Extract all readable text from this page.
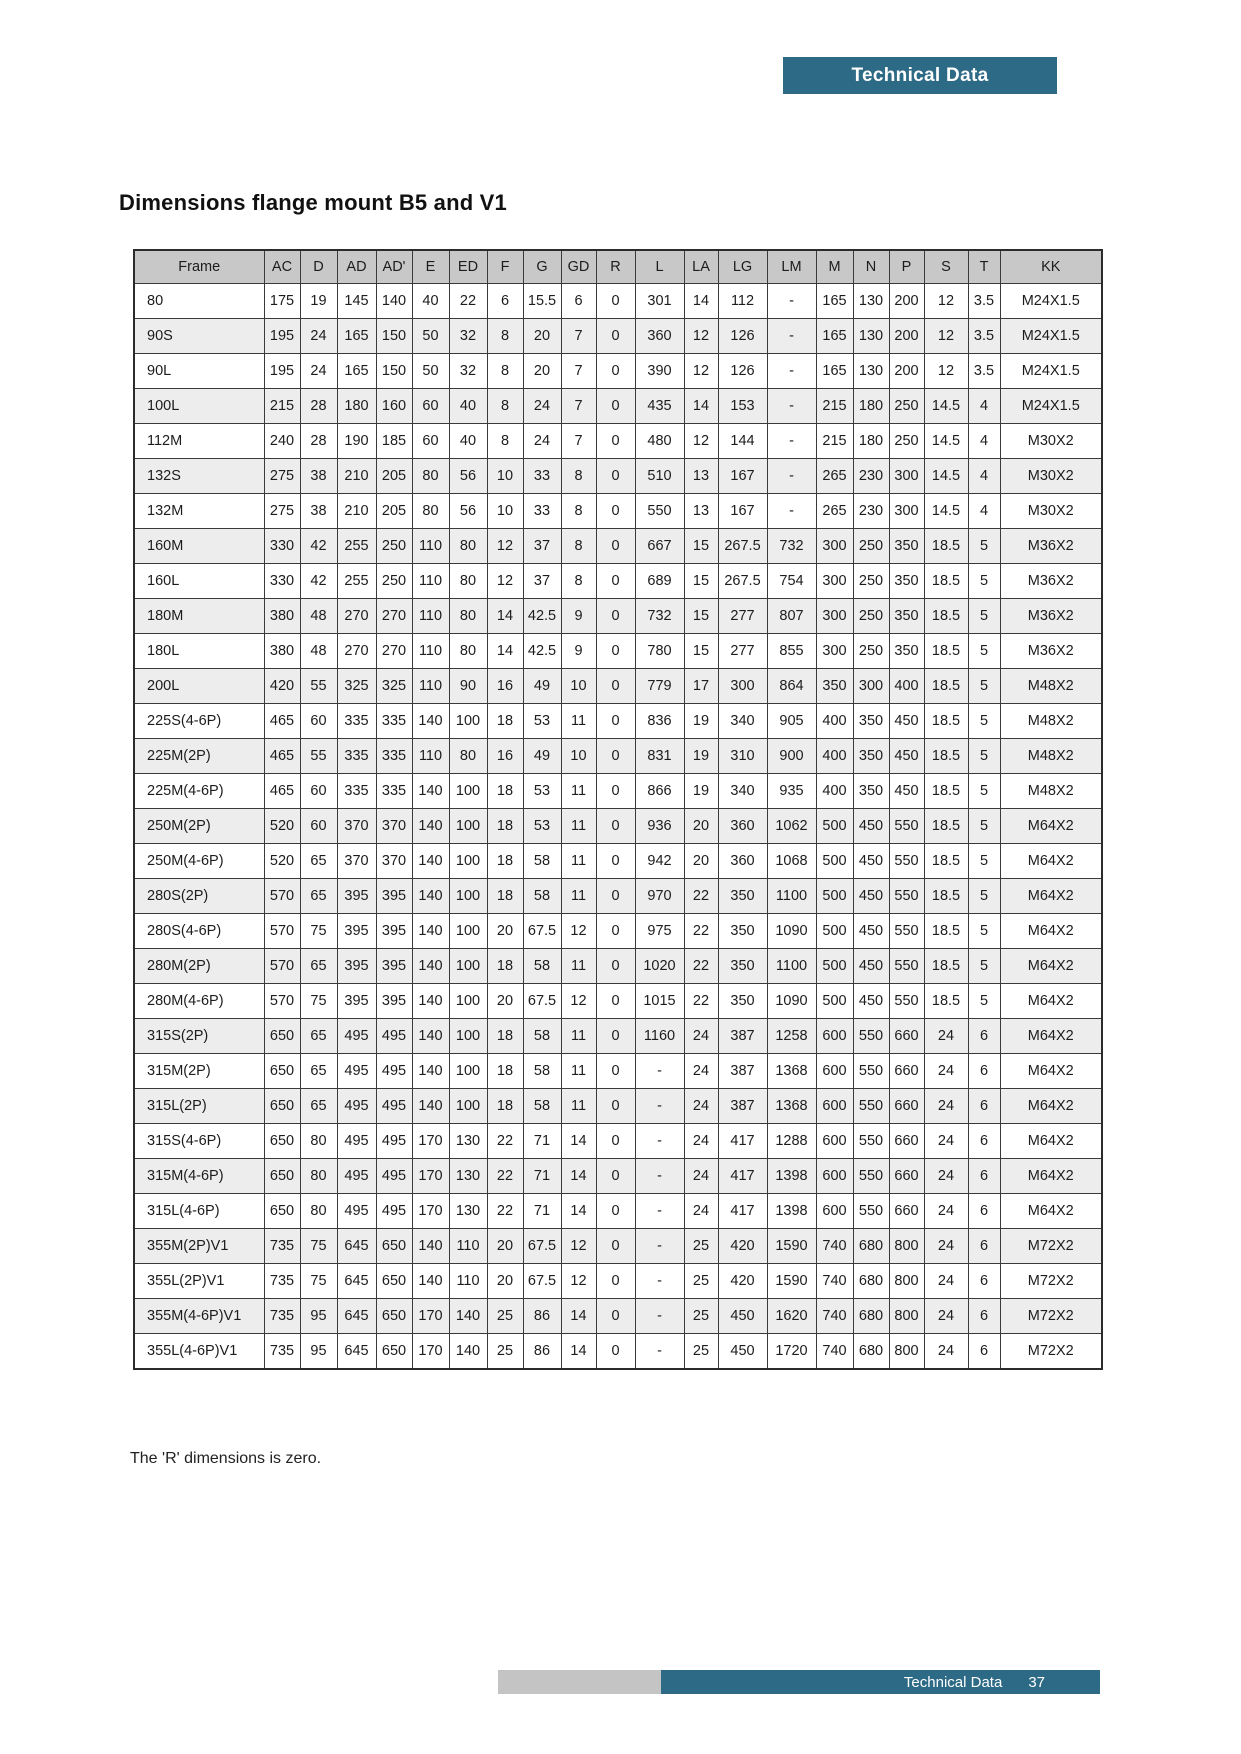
Technical Data
Dimensions flange mount B5 and V1
Frame	AC	D	AD	AD'	E	ED	F	G	GD	R	L	LA	LG	LM	M	N	P	S	T	KK
80	175	19	145	140	40	22	6	15.5	6	0	301	14	112	-	165	130	200	12	3.5	M24X1.5
90S	195	24	165	150	50	32	8	20	7	0	360	12	126	-	165	130	200	12	3.5	M24X1.5
90L	195	24	165	150	50	32	8	20	7	0	390	12	126	-	165	130	200	12	3.5	M24X1.5
100L	215	28	180	160	60	40	8	24	7	0	435	14	153	-	215	180	250	14.5	4	M24X1.5
112M	240	28	190	185	60	40	8	24	7	0	480	12	144	-	215	180	250	14.5	4	M30X2
132S	275	38	210	205	80	56	10	33	8	0	510	13	167	-	265	230	300	14.5	4	M30X2
132M	275	38	210	205	80	56	10	33	8	0	550	13	167	-	265	230	300	14.5	4	M30X2
160M	330	42	255	250	110	80	12	37	8	0	667	15	267.5	732	300	250	350	18.5	5	M36X2
160L	330	42	255	250	110	80	12	37	8	0	689	15	267.5	754	300	250	350	18.5	5	M36X2
180M	380	48	270	270	110	80	14	42.5	9	0	732	15	277	807	300	250	350	18.5	5	M36X2
180L	380	48	270	270	110	80	14	42.5	9	0	780	15	277	855	300	250	350	18.5	5	M36X2
200L	420	55	325	325	110	90	16	49	10	0	779	17	300	864	350	300	400	18.5	5	M48X2
225S(4-6P)	465	60	335	335	140	100	18	53	11	0	836	19	340	905	400	350	450	18.5	5	M48X2
225M(2P)	465	55	335	335	110	80	16	49	10	0	831	19	310	900	400	350	450	18.5	5	M48X2
225M(4-6P)	465	60	335	335	140	100	18	53	11	0	866	19	340	935	400	350	450	18.5	5	M48X2
250M(2P)	520	60	370	370	140	100	18	53	11	0	936	20	360	1062	500	450	550	18.5	5	M64X2
250M(4-6P)	520	65	370	370	140	100	18	58	11	0	942	20	360	1068	500	450	550	18.5	5	M64X2
280S(2P)	570	65	395	395	140	100	18	58	11	0	970	22	350	1100	500	450	550	18.5	5	M64X2
280S(4-6P)	570	75	395	395	140	100	20	67.5	12	0	975	22	350	1090	500	450	550	18.5	5	M64X2
280M(2P)	570	65	395	395	140	100	18	58	11	0	1020	22	350	1100	500	450	550	18.5	5	M64X2
280M(4-6P)	570	75	395	395	140	100	20	67.5	12	0	1015	22	350	1090	500	450	550	18.5	5	M64X2
315S(2P)	650	65	495	495	140	100	18	58	11	0	1160	24	387	1258	600	550	660	24	6	M64X2
315M(2P)	650	65	495	495	140	100	18	58	11	0	-	24	387	1368	600	550	660	24	6	M64X2
315L(2P)	650	65	495	495	140	100	18	58	11	0	-	24	387	1368	600	550	660	24	6	M64X2
315S(4-6P)	650	80	495	495	170	130	22	71	14	0	-	24	417	1288	600	550	660	24	6	M64X2
315M(4-6P)	650	80	495	495	170	130	22	71	14	0	-	24	417	1398	600	550	660	24	6	M64X2
315L(4-6P)	650	80	495	495	170	130	22	71	14	0	-	24	417	1398	600	550	660	24	6	M64X2
355M(2P)V1	735	75	645	650	140	110	20	67.5	12	0	-	25	420	1590	740	680	800	24	6	M72X2
355L(2P)V1	735	75	645	650	140	110	20	67.5	12	0	-	25	420	1590	740	680	800	24	6	M72X2
355M(4-6P)V1	735	95	645	650	170	140	25	86	14	0	-	25	450	1620	740	680	800	24	6	M72X2
355L(4-6P)V1	735	95	645	650	170	140	25	86	14	0	-	25	450	1720	740	680	800	24	6	M72X2
The 'R' dimensions is zero.
Technical Data 37
